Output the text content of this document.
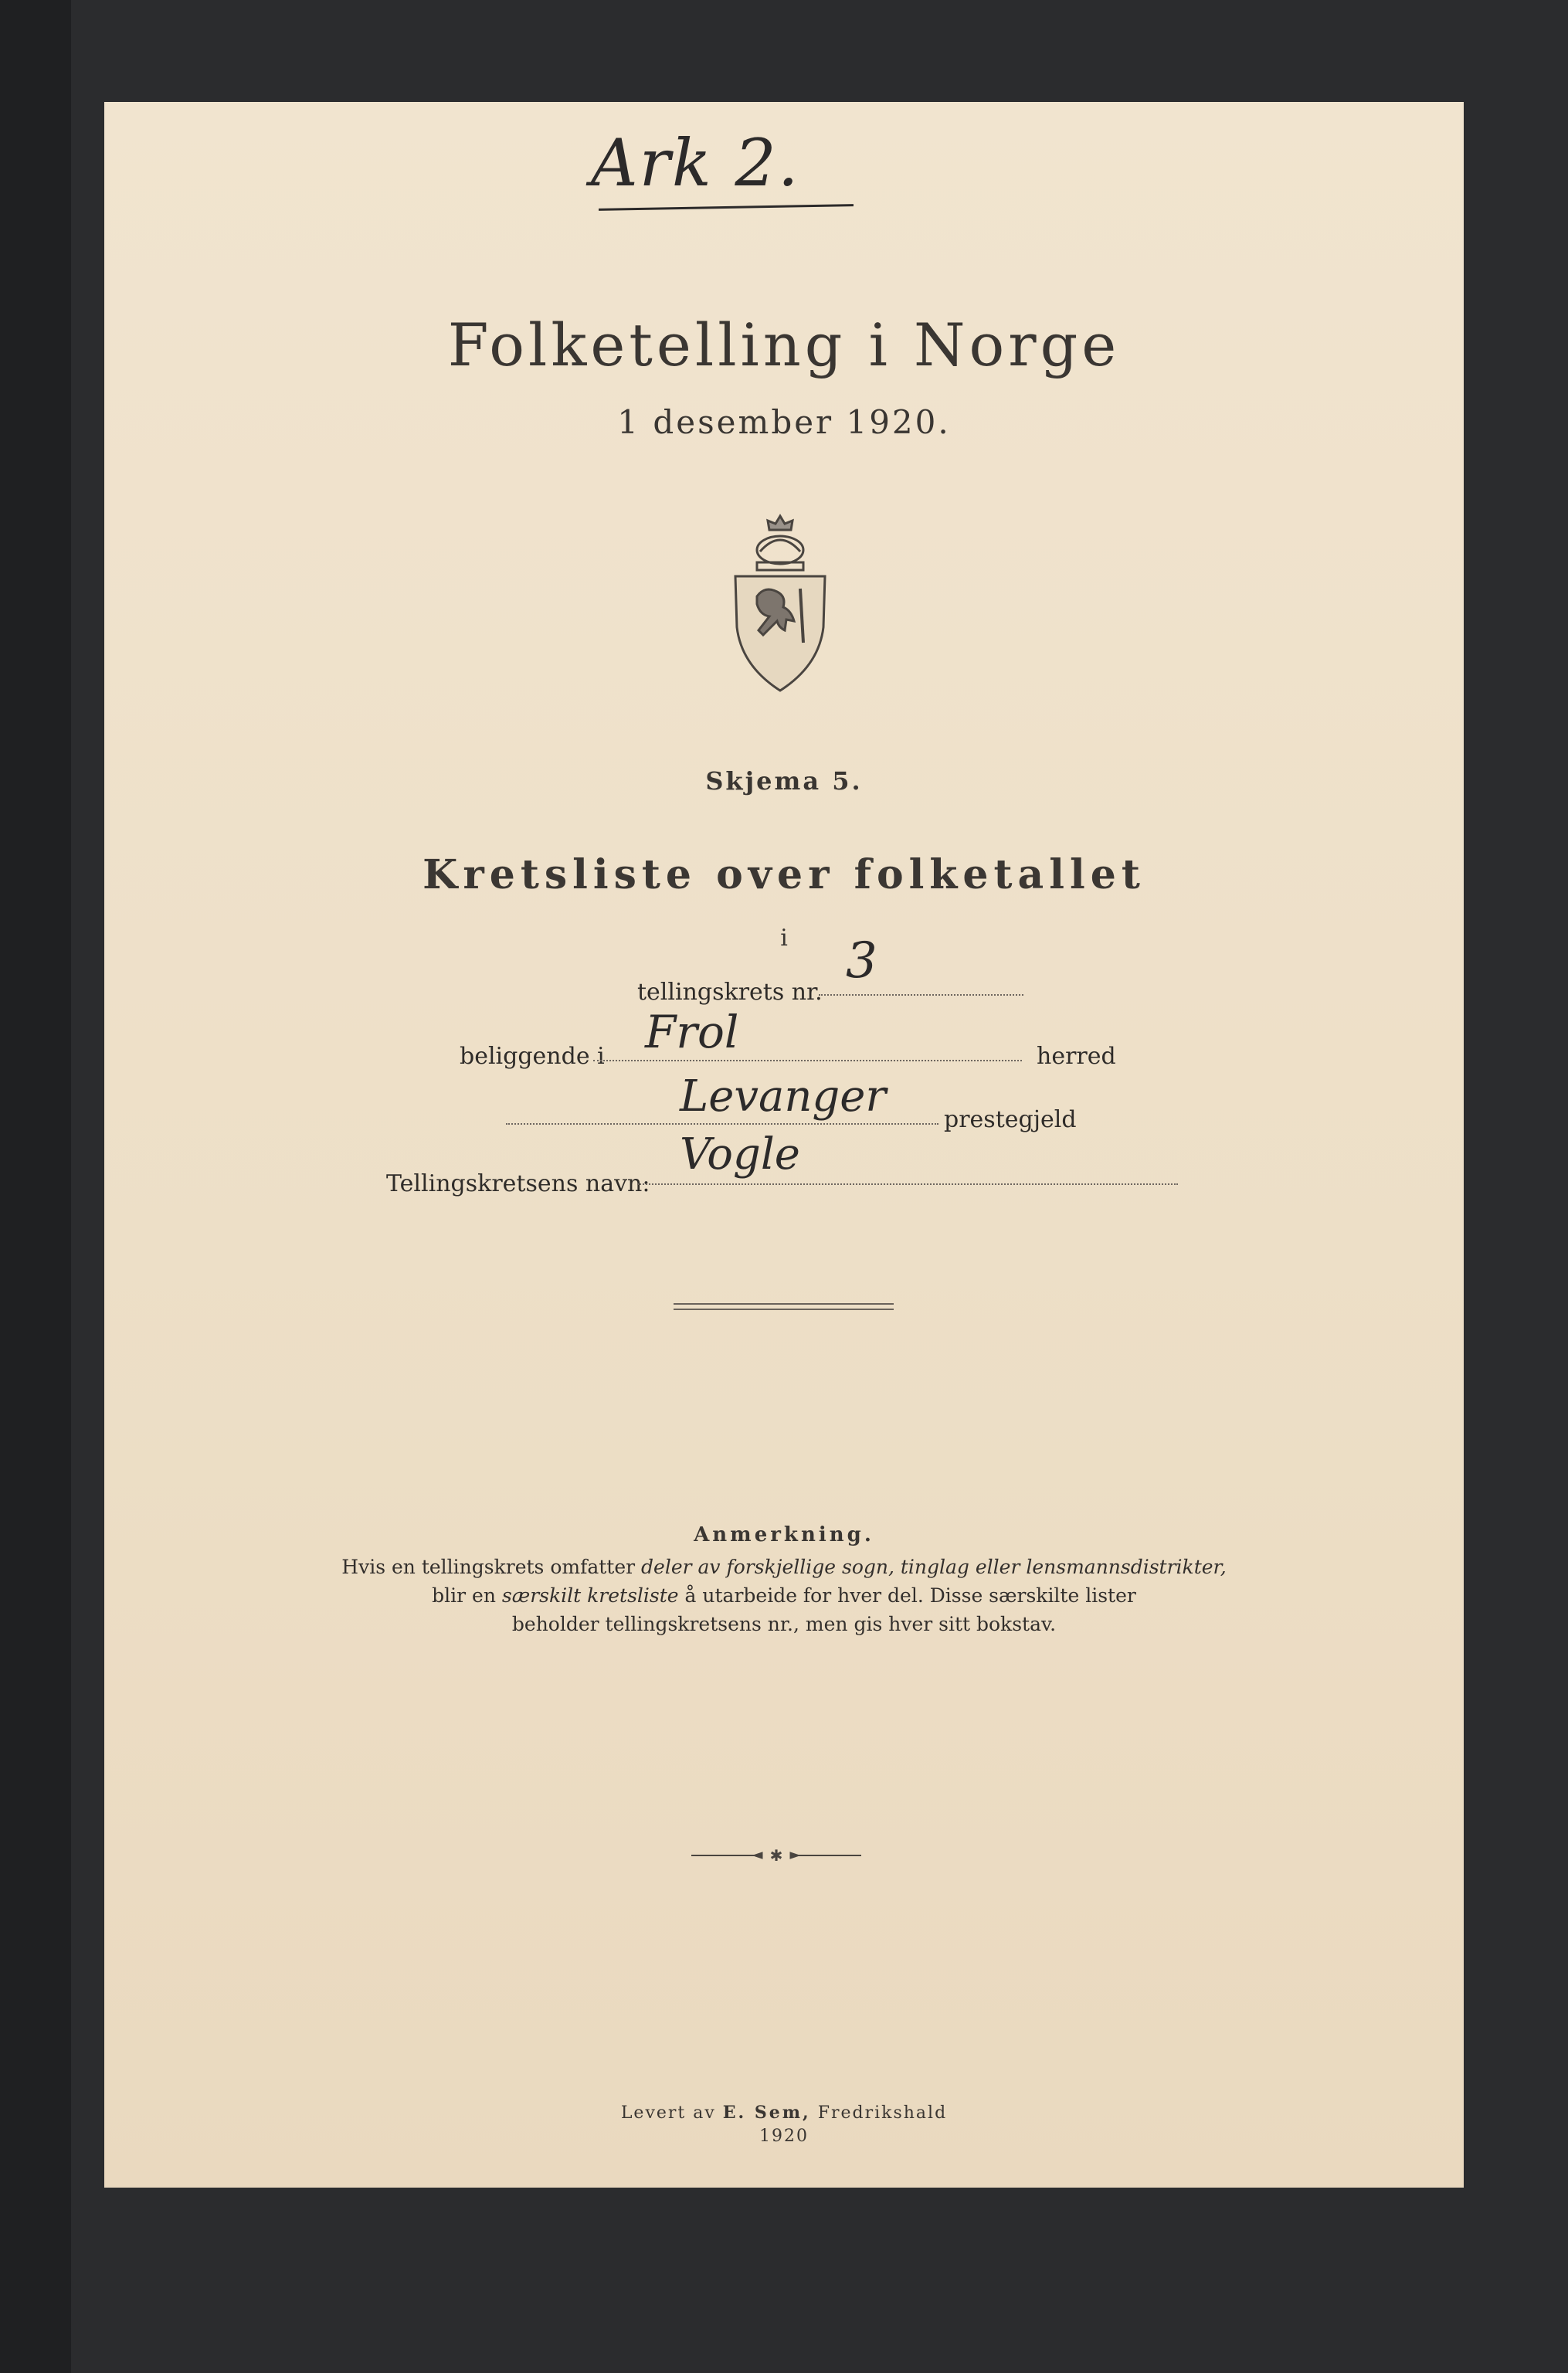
Ark 2.
Folketelling i Norge
1 desember 1920.
Skjema 5.
Kretsliste over folketallet
i
tellingskrets nr.
3
beliggende i Frol	herred
Levanger prestegjeld
Tellingskretsens navn:
Vogle
Anmerkning.
Hvis en tellingskrets omfatter deler av forskjellige sogn, tinglag eller lensmannsdistrikter,
blir en særskilt kretsliste å utarbeide for hver del. Disse særskilte lister
beholder tellingskretsens nr., men gis hver sitt bokstav.
✱
Levert av E. Sem, Fredrikshald
1920
